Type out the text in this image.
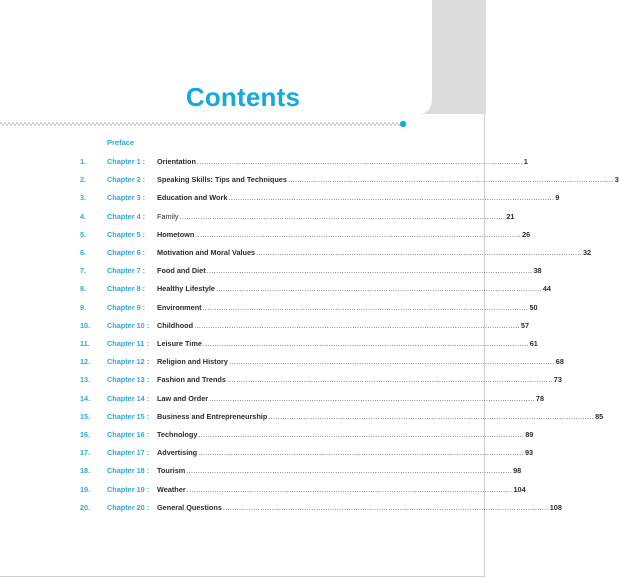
Contents
Preface
1.	Chapter 1 : Orientation ............................................................................................................................................ 1
2.	Chapter 2 : Speaking Skills: Tips and Techniques ............................................................................................................................................ 3
3.	Chapter 3 : Education and Work ............................................................................................................................................ 9
4.	Chapter 4 : Family ............................................................................................................................................ 21
5.	Chapter 5 : Hometown ............................................................................................................................................ 26
6.	Chapter 6 : Motivation and Moral Values ............................................................................................................................................ 32
7.	Chapter 7 : Food and Diet ............................................................................................................................................ 38
8.	Chapter 8 : Healthy Lifestyle ............................................................................................................................................ 44
9.	Chapter 9 : Environment ............................................................................................................................................ 50
10. Chapter 10 : Childhood ............................................................................................................................................ 57
11. Chapter 11 : Leisure Time ............................................................................................................................................ 61
12. Chapter 12 : Religion and History ............................................................................................................................................ 68
13. Chapter 13 : Fashion and Trends ............................................................................................................................................ 73
14. Chapter 14 : Law and Order ............................................................................................................................................ 78
15. Chapter 15 : Business and Entrepreneurship ............................................................................................................................................ 85
16. Chapter 16 : Technology ............................................................................................................................................ 89
17. Chapter 17 : Advertising ............................................................................................................................................ 93
18. Chapter 18 : Tourism ............................................................................................................................................ 98
19. Chapter 19 : Weather ............................................................................................................................................ 104
20. Chapter 20 : General Questions ............................................................................................................................................ 108
